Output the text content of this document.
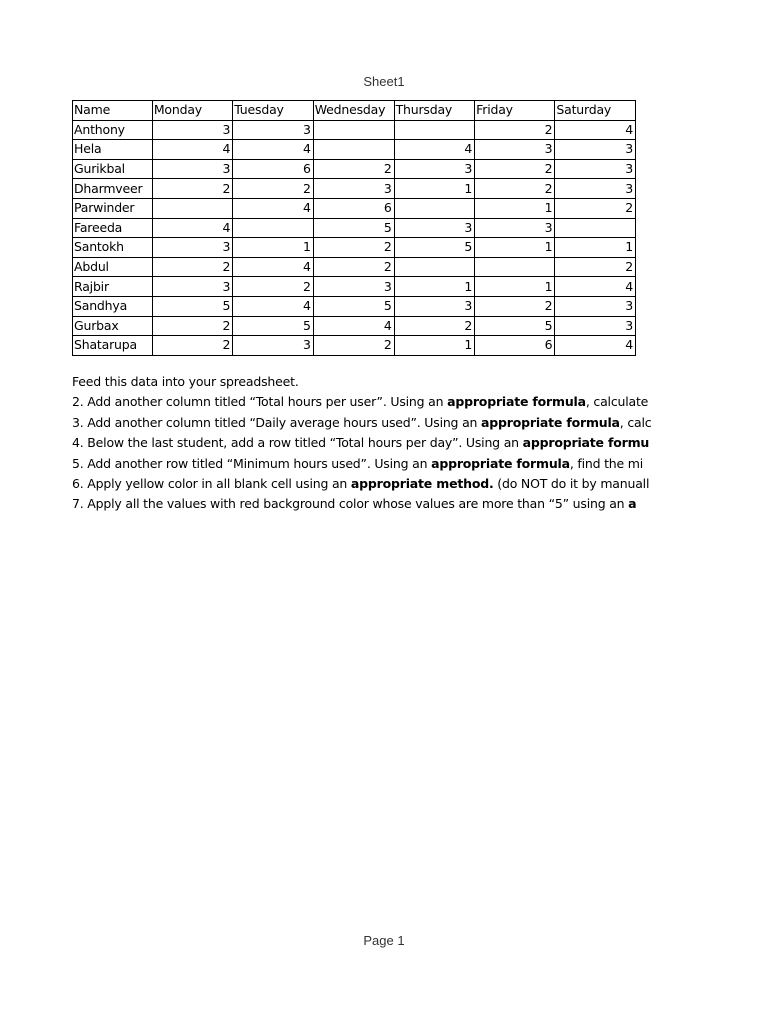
Sheet1
Name	Monday	Tuesday	Wednesday	Thursday	Friday	Saturday
Anthony	3	3			2	4
Hela	4	4		4	3	3
Gurikbal	3	6	2	3	2	3
Dharmveer	2	2	3	1	2	3
Parwinder		4	6		1	2
Fareeda	4		5	3	3	
Santokh	3	1	2	5	1	1
Abdul	2	4	2			2
Rajbir	3	2	3	1	1	4
Sandhya	5	4	5	3	2	3
Gurbax	2	5	4	2	5	3
Shatarupa	2	3	2	1	6	4
Feed this data into your spreadsheet.
2. Add another column titled “Total hours per user”. Using an appropriate formula, calculate
3. Add another column titled “Daily average hours used”. Using an appropriate formula, calc
4. Below the last student, add a row titled “Total hours per day”. Using an appropriate formu
5. Add another row titled “Minimum hours used”. Using an appropriate formula, find the mi
6. Apply yellow color in all blank cell using an appropriate method. (do NOT do it by manuall
7. Apply all the values with red background color whose values are more than “5” using an a
Page 1
